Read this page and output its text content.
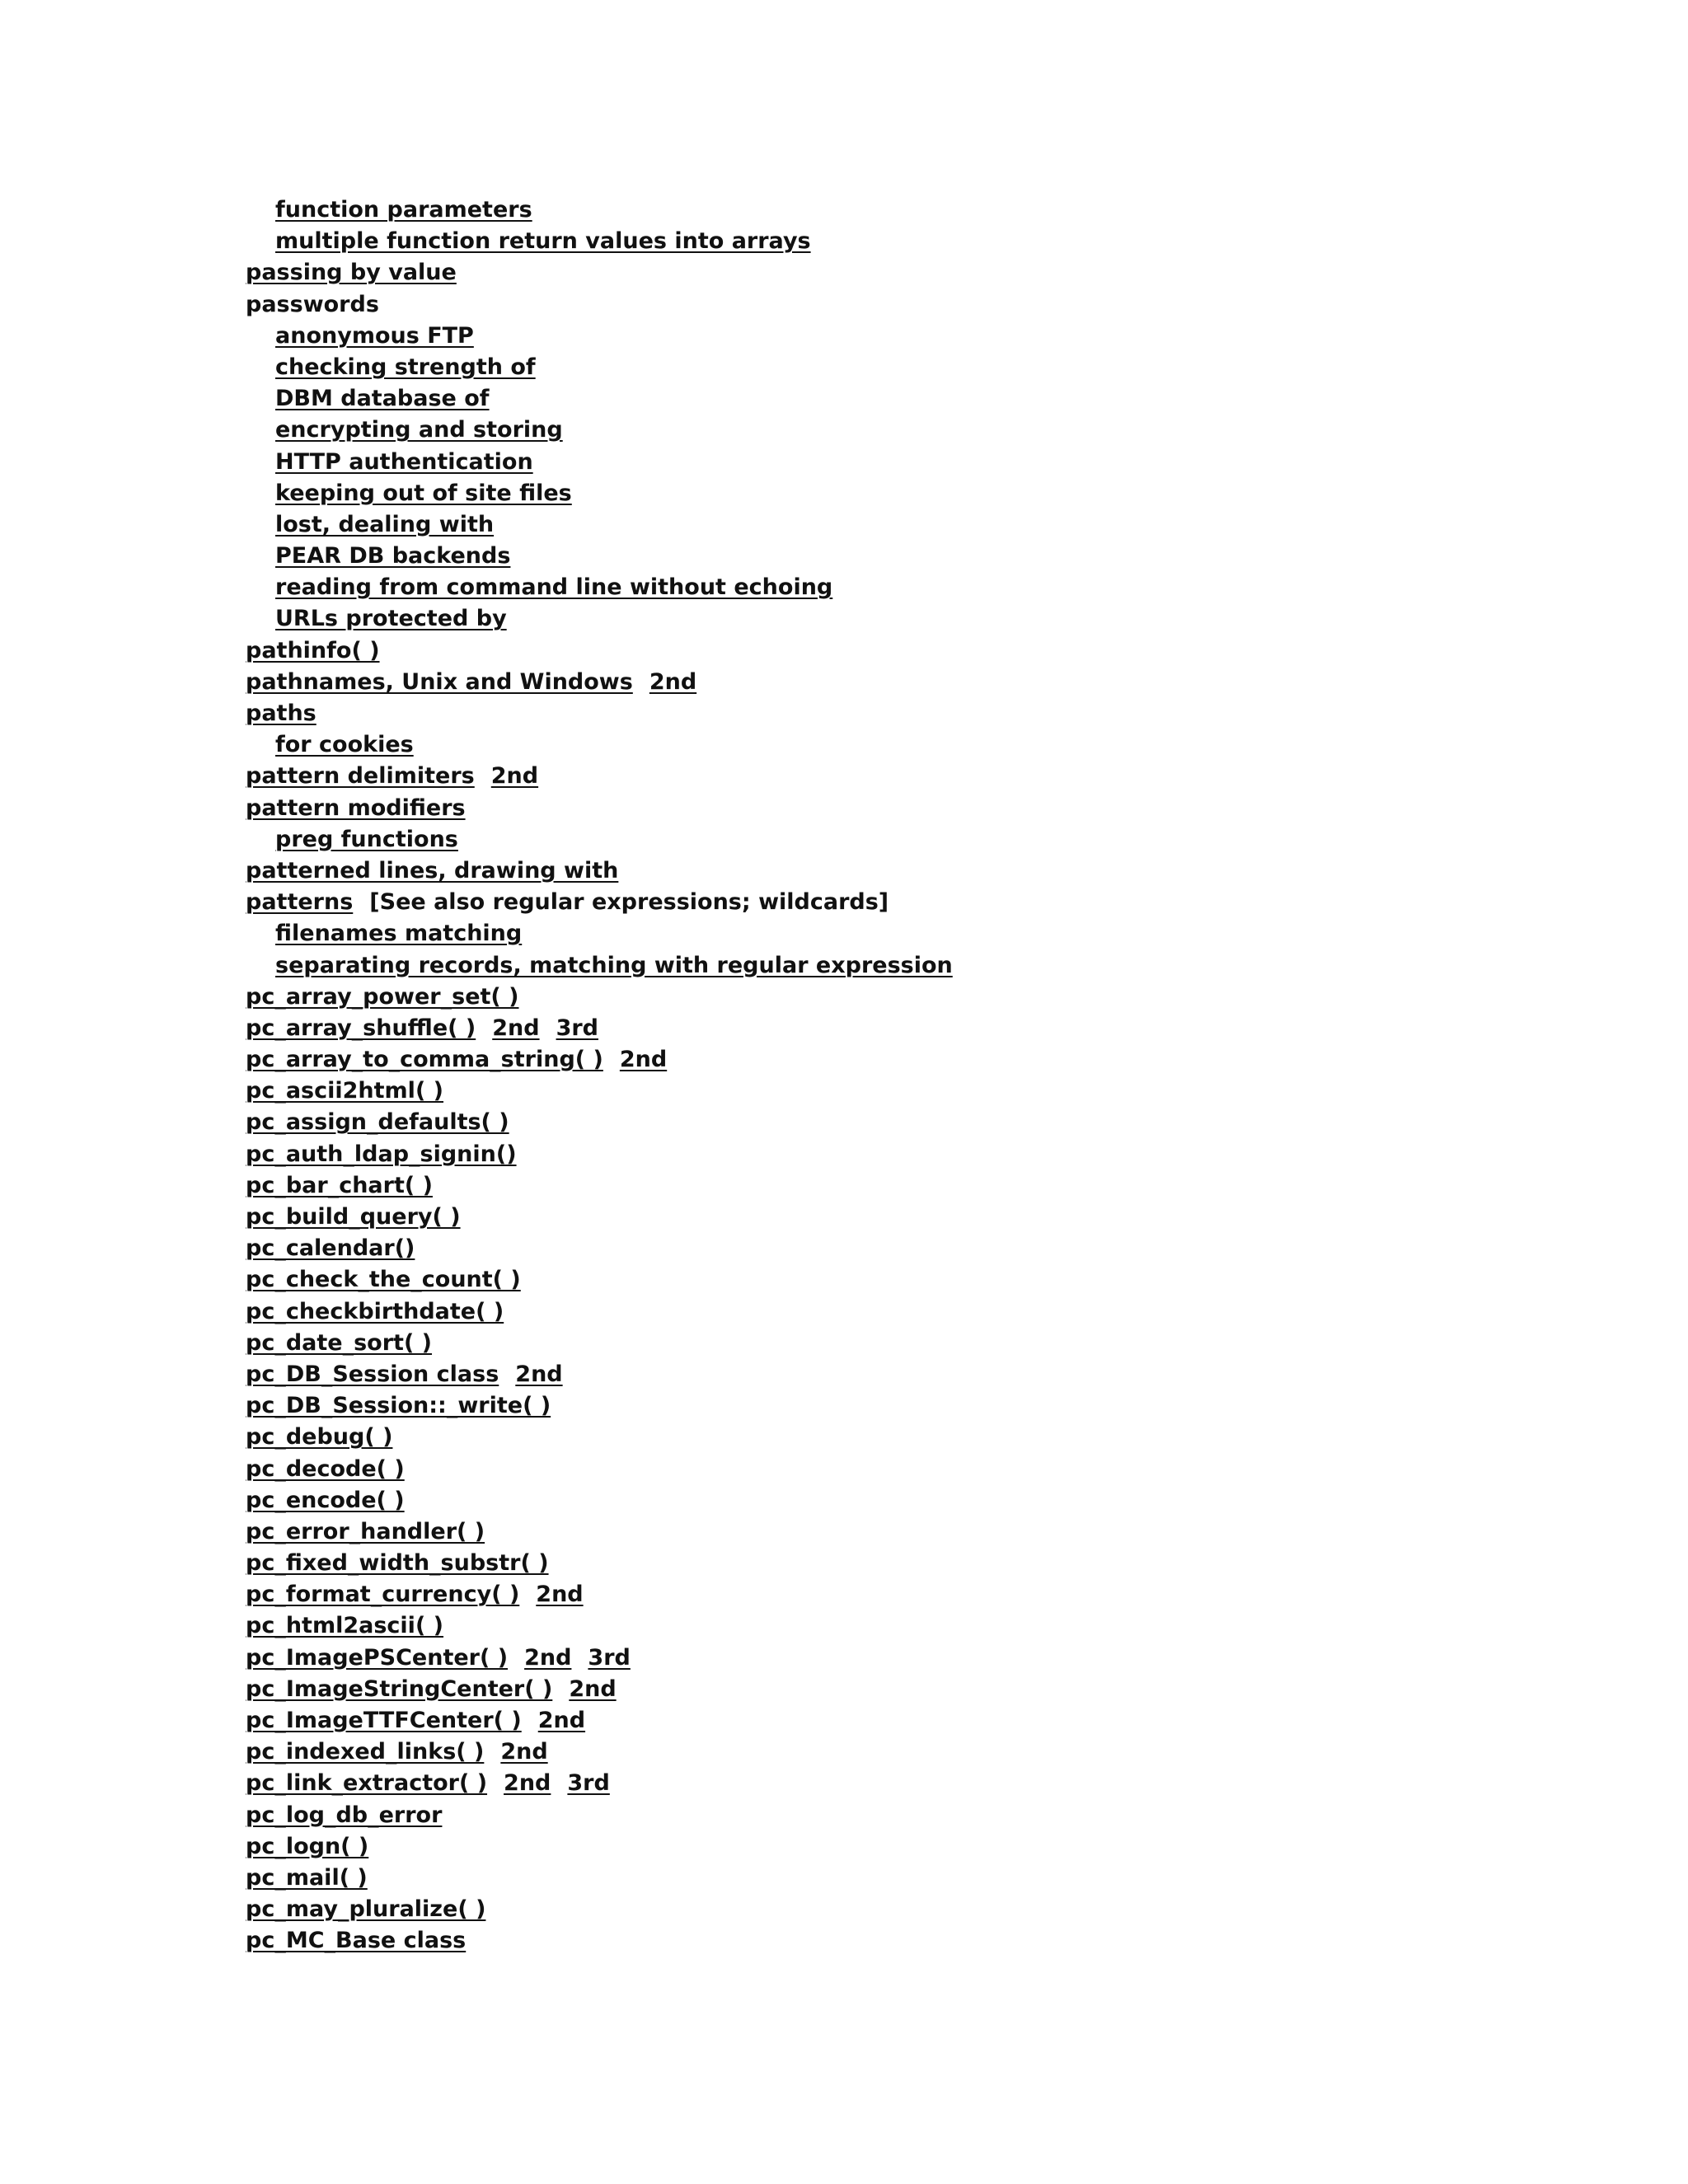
function parameters
multiple function return values into arrays
passing by value
passwords
anonymous FTP
checking strength of
DBM database of
encrypting and storing
HTTP authentication
keeping out of site files
lost, dealing with
PEAR DB backends
reading from command line without echoing
URLs protected by
pathinfo( )
pathnames, Unix and Windows 2nd
paths
for cookies
pattern delimiters 2nd
pattern modifiers
preg functions
patterned lines, drawing with
patterns [See also regular expressions; wildcards]
filenames matching
separating records, matching with regular expression
pc_array_power_set( )
pc_array_shuffle( ) 2nd 3rd
pc_array_to_comma_string( ) 2nd
pc_ascii2html( )
pc_assign_defaults( )
pc_auth_ldap_signin()
pc_bar_chart( )
pc_build_query( )
pc_calendar()
pc_check_the_count( )
pc_checkbirthdate( )
pc_date_sort( )
pc_DB_Session class 2nd
pc_DB_Session::_write( )
pc_debug( )
pc_decode( )
pc_encode( )
pc_error_handler( )
pc_fixed_width_substr( )
pc_format_currency( ) 2nd
pc_html2ascii( )
pc_ImagePSCenter( ) 2nd 3rd
pc_ImageStringCenter( ) 2nd
pc_ImageTTFCenter( ) 2nd
pc_indexed_links( ) 2nd
pc_link_extractor( ) 2nd 3rd
pc_log_db_error
pc_logn( )
pc_mail( )
pc_may_pluralize( )
pc_MC_Base class
